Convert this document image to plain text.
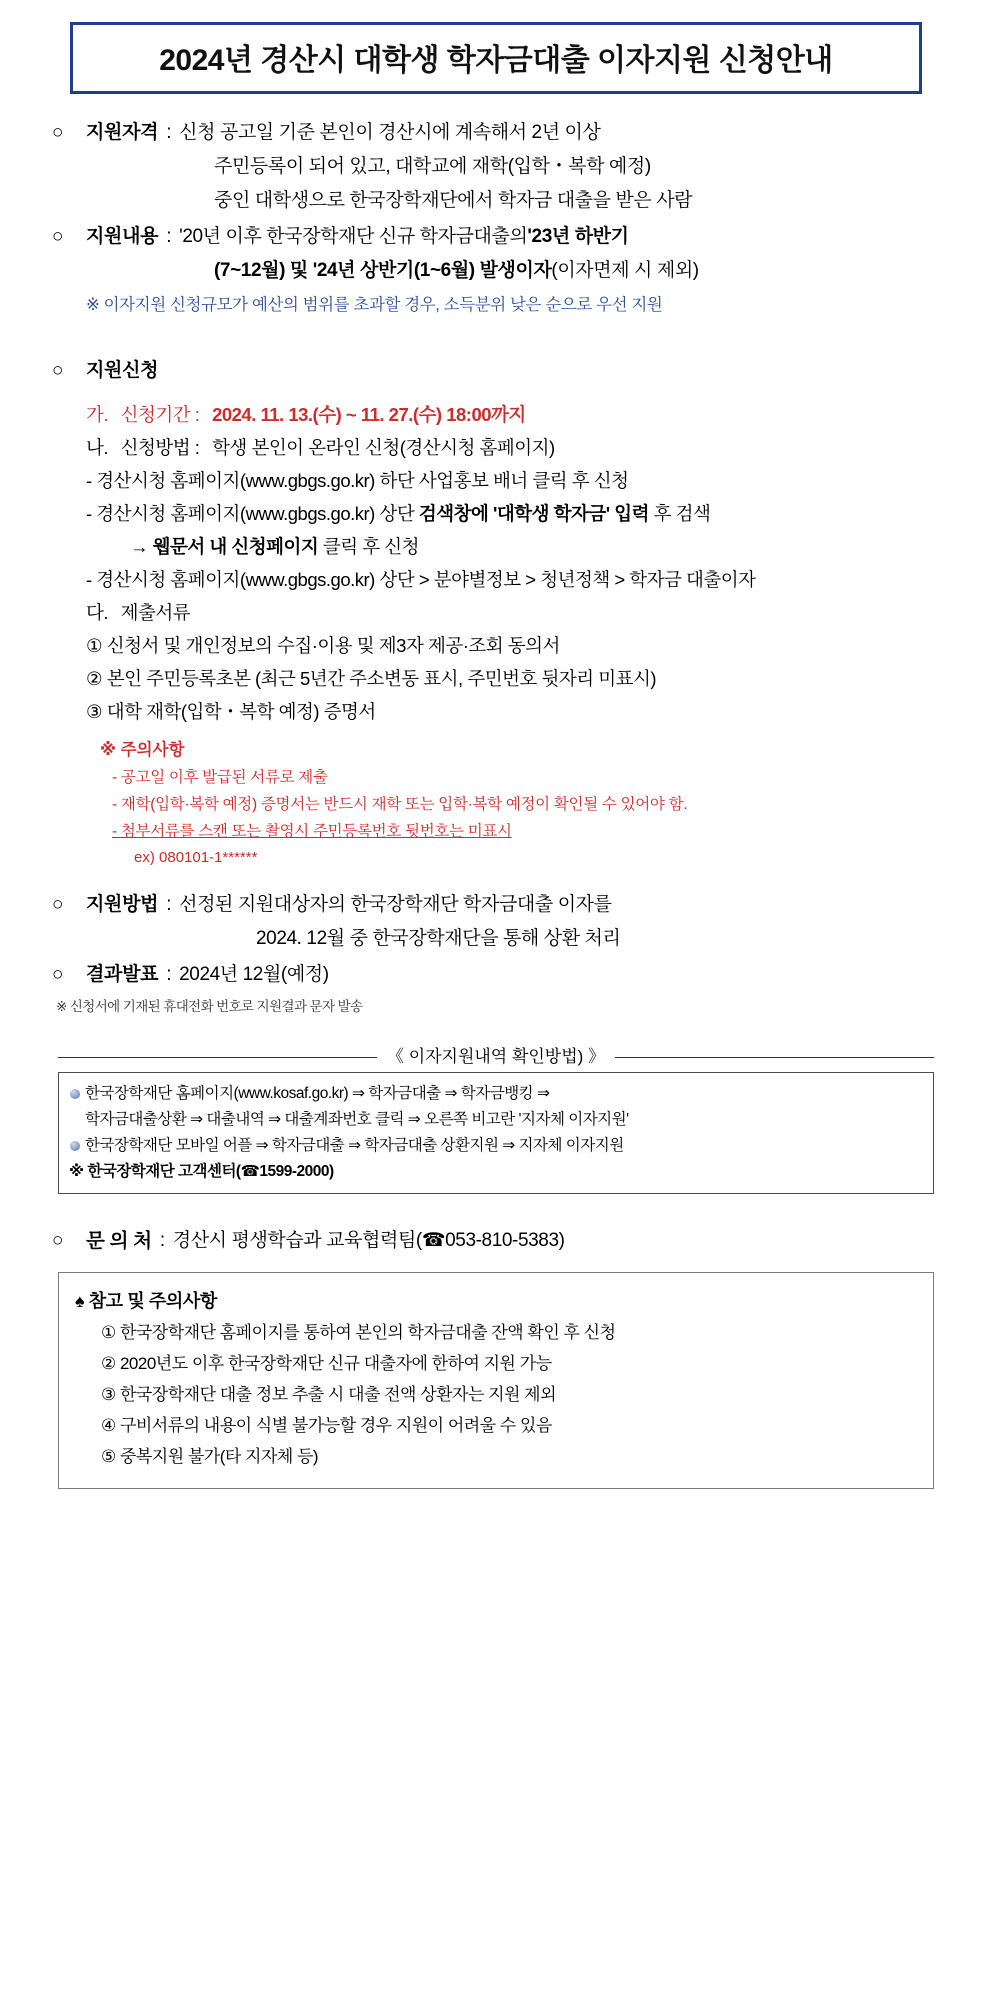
2024년 경산시 대학생 학자금대출 이자지원 신청안내
○	지원자격 : 신청 공고일 기준 본인이 경산시에 계속해서 2년 이상
주민등록이 되어 있고, 대학교에 재학(입학・복학 예정)
중인 대학생으로 한국장학재단에서 학자금 대출을 받은 사람
○	지원내용 : '20년 이후 한국장학재단 신규 학자금대출의 '23년 하반기
(7~12월) 및 '24년 상반기(1~6월) 발생이자 (이자면제 시 제외)
※ 이자지원 신청규모가 예산의 범위를 초과할 경우, 소득분위 낮은 순으로 우선 지원
○	지원신청
가. 신청기간 : 2024. 11. 13.(수) ~ 11. 27.(수) 18:00까지
나. 신청방법 : 학생 본인이 온라인 신청(경산시청 홈페이지)
- 경산시청 홈페이지(www.gbgs.go.kr) 하단 사업홍보 배너 클릭 후 신청
- 경산시청 홈페이지(www.gbgs.go.kr) 상단 검색창에 '대학생 학자금' 입력 후 검색
→ 웹문서 내 신청페이지 클릭 후 신청
- 경산시청 홈페이지(www.gbgs.go.kr) 상단 > 분야별정보 > 청년정책 > 학자금 대출이자
다. 제출서류
① 신청서 및 개인정보의 수집·이용 및 제3자 제공·조회 동의서
② 본인 주민등록초본 (최근 5년간 주소변동 표시, 주민번호 뒷자리 미표시)
③ 대학 재학(입학・복학 예정) 증명서
※ 주의사항
- 공고일 이후 발급된 서류로 제출
- 재학(입학·복학 예정) 증명서는 반드시 재학 또는 입학·복학 예정이 확인될 수 있어야 함.
- 첨부서류를 스캔 또는 촬영시 주민등록번호 뒷번호는 미표시
ex) 080101-1******
○	지원방법 : 선정된 지원대상자의 한국장학재단 학자금대출 이자를
2024. 12월 중 한국장학재단을 통해 상환 처리
○	결과발표 : 2024년 12월(예정)
※ 신청서에 기재된 휴대전화 번호로 지원결과 문자 발송
《 이자지원내역 확인방법) 》
한국장학재단 홈페이지(www.kosaf.go.kr) ⇒ 학자금대출 ⇒ 학자금뱅킹 ⇒
학자금대출상환 ⇒ 대출내역 ⇒ 대출계좌번호 클릭 ⇒ 오른쪽 비고란 '지자체 이자지원'
한국장학재단 모바일 어플 ⇒ 학자금대출 ⇒ 학자금대출 상환지원 ⇒ 지자체 이자지원
※ 한국장학재단 고객센터(☎1599-2000)
○	문 의 처 : 경산시 평생학습과 교육협력팀(☎053-810-5383)
♠ 참고 및 주의사항
① 한국장학재단 홈페이지를 통하여 본인의 학자금대출 잔액 확인 후 신청
② 2020년도 이후 한국장학재단 신규 대출자에 한하여 지원 가능
③ 한국장학재단 대출 정보 추출 시 대출 전액 상환자는 지원 제외
④ 구비서류의 내용이 식별 불가능할 경우 지원이 어려울 수 있음
⑤ 중복지원 불가(타 지자체 등)
